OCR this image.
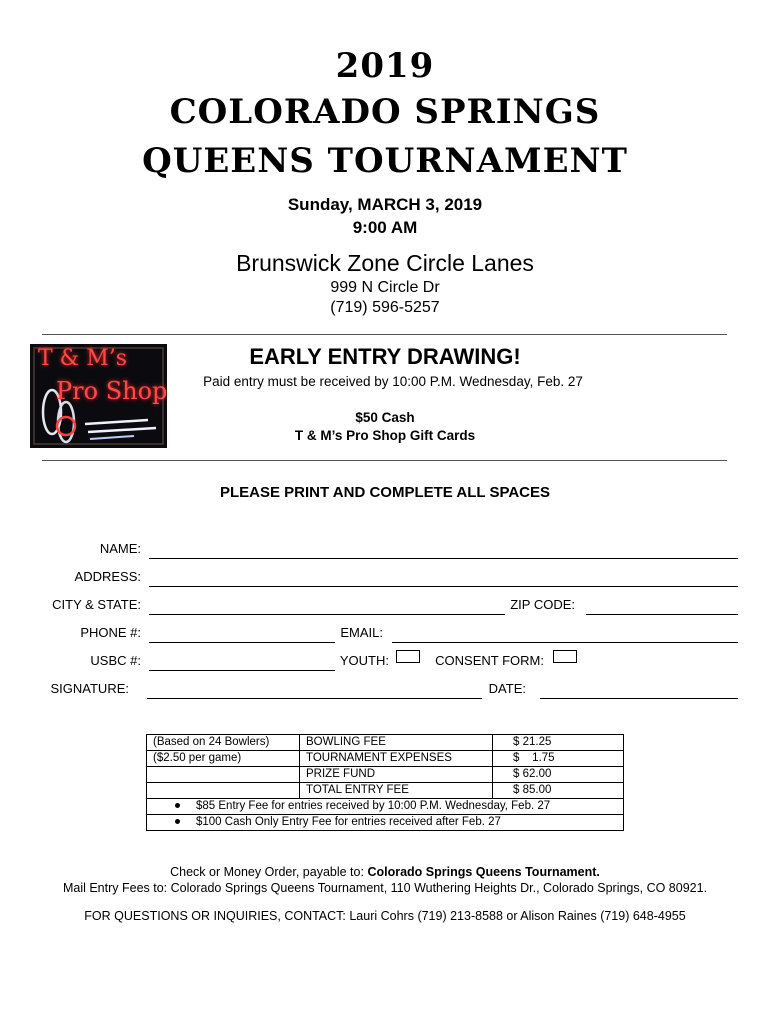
2019
COLORADO SPRINGS
QUEENS TOURNAMENT
Sunday, MARCH 3, 2019
9:00 AM
Brunswick Zone Circle Lanes
999 N Circle Dr
(719) 596-5257
T & M’s
Pro Shop
EARLY ENTRY DRAWING!
Paid entry must be received by 10:00 P.M. Wednesday, Feb. 27
$50 Cash
T & M’s Pro Shop Gift Cards
PLEASE PRINT AND COMPLETE ALL SPACES
NAME:
ADDRESS:
CITY & STATE:	ZIP CODE:
PHONE #:	EMAIL:
USBC #:	YOUTH:	CONSENT FORM:
SIGNATURE:	DATE:
(Based on 24 Bowlers)	BOWLING FEE	$ 21.25
($2.50 per game)	TOURNAMENT EXPENSES	$    1.75
	PRIZE FUND	$ 62.00
	TOTAL ENTRY FEE	$ 85.00
$85 Entry Fee for entries received by 10:00 P.M. Wednesday, Feb. 27		
$100 Cash Only Entry Fee for entries received after Feb. 27		
Check or Money Order, payable to: Colorado Springs Queens Tournament.
Mail Entry Fees to: Colorado Springs Queens Tournament, 110 Wuthering Heights Dr., Colorado Springs, CO 80921.
FOR QUESTIONS OR INQUIRIES, CONTACT: Lauri Cohrs (719) 213-8588 or Alison Raines (719) 648-4955
